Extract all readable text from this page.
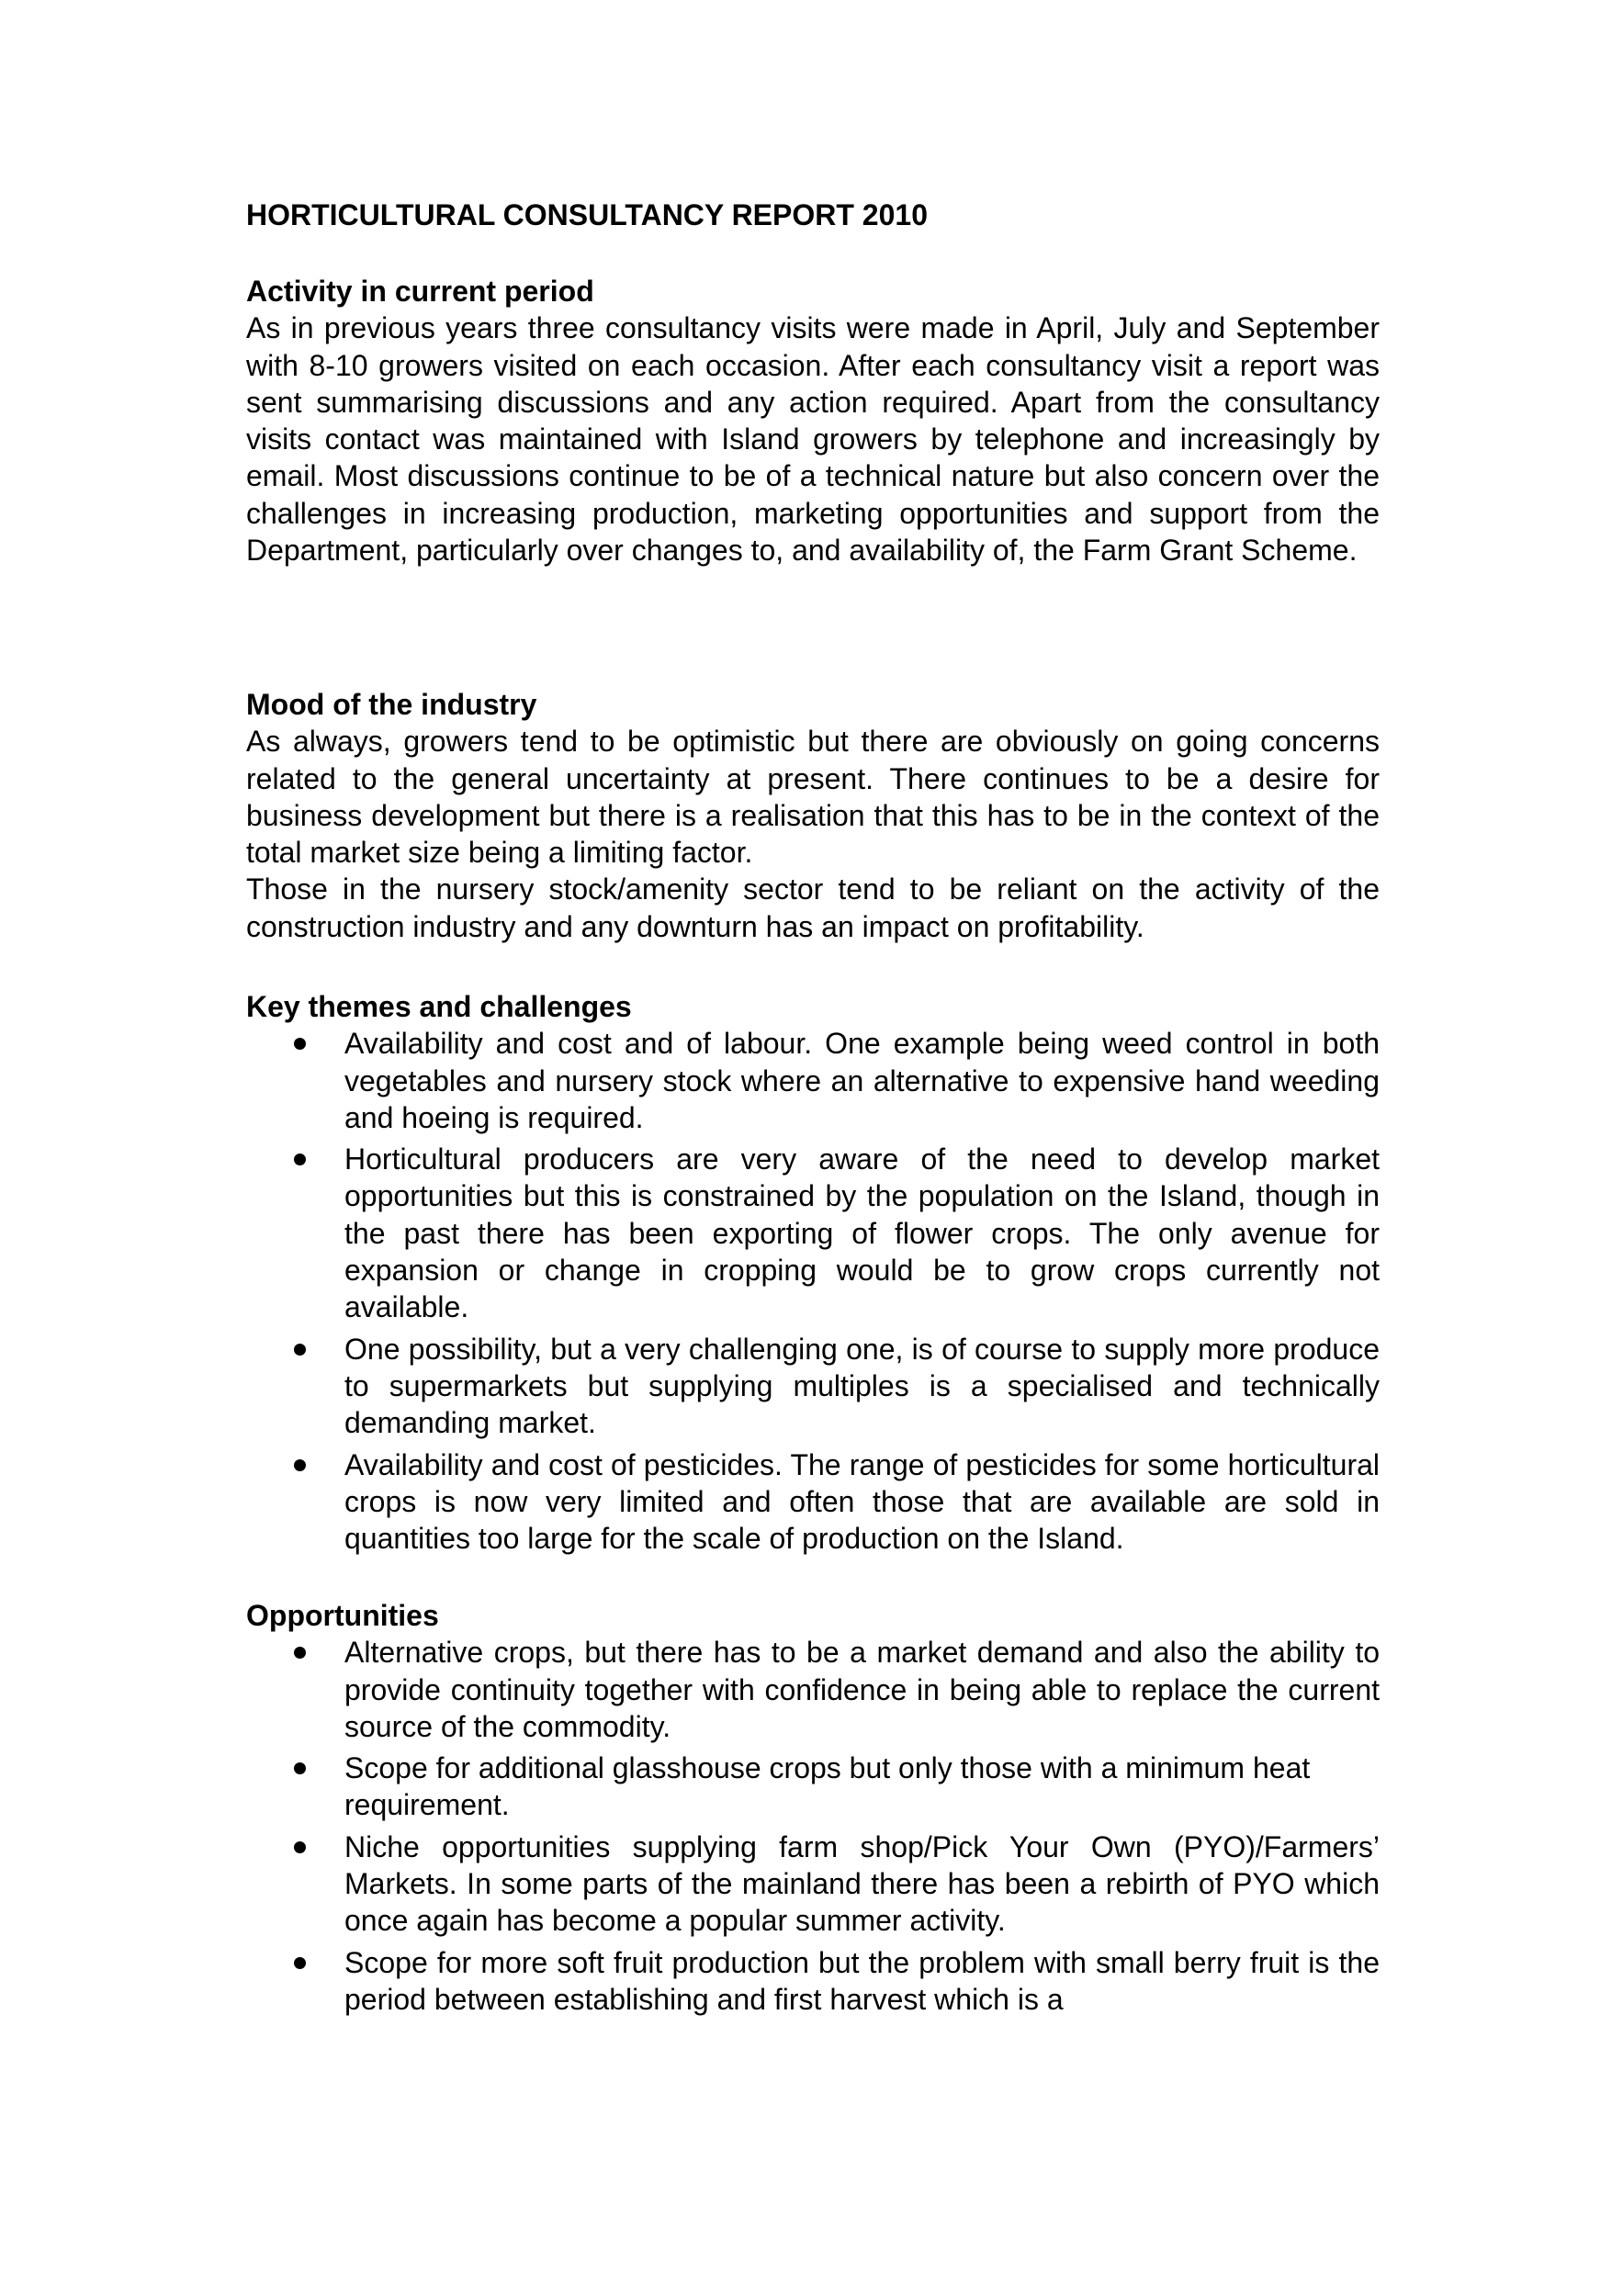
HORTICULTURAL CONSULTANCY REPORT 2010
Activity in current period

As in previous years three consultancy visits were made in April, July and September with 8-10 growers visited on each occasion. After each consultancy visit a report was sent summarising discussions and any action required. Apart from the consultancy visits contact was maintained with Island growers by telephone and increasingly by email. Most discussions continue to be of a technical nature but also concern over the challenges in increasing production, marketing opportunities and support from the Department, particularly over changes to, and availability of, the Farm Grant Scheme.

Mood of the industry

As always, growers tend to be optimistic but there are obviously on going concerns related to the general uncertainty at present. There continues to be a desire for business development but there is a realisation that this has to be in the context of the total market size being a limiting factor.

Those in the nursery stock/amenity sector tend to be reliant on the activity of the construction industry and any downturn has an impact on profitability.

Key themes and challenges
Availability and cost and of labour. One example being weed control in both vegetables and nursery stock where an alternative to expensive hand weeding and hoeing is required.
Horticultural producers are very aware of the need to develop market opportunities but this is constrained by the population on the Island, though in the past there has been exporting of flower crops. The only avenue for expansion or change in cropping would be to grow crops currently not available.
One possibility, but a very challenging one, is of course to supply more produce to supermarkets but supplying multiples is a specialised and technically demanding market.
Availability and cost of pesticides. The range of pesticides for some horticultural crops is now very limited and often those that are available are sold in quantities too large for the scale of production on the Island.
Opportunities
Alternative crops, but there has to be a market demand and also the ability to provide continuity together with confidence in being able to replace the current source of the commodity.
Scope for additional glasshouse crops but only those with a minimum heat requirement.
Niche opportunities supplying farm shop/Pick Your Own (PYO)/Farmers’ Markets. In some parts of the mainland there has been a rebirth of PYO which once again has become a popular summer activity.
Scope for more soft fruit production but the problem with small berry fruit is the period between establishing and first harvest which is a
